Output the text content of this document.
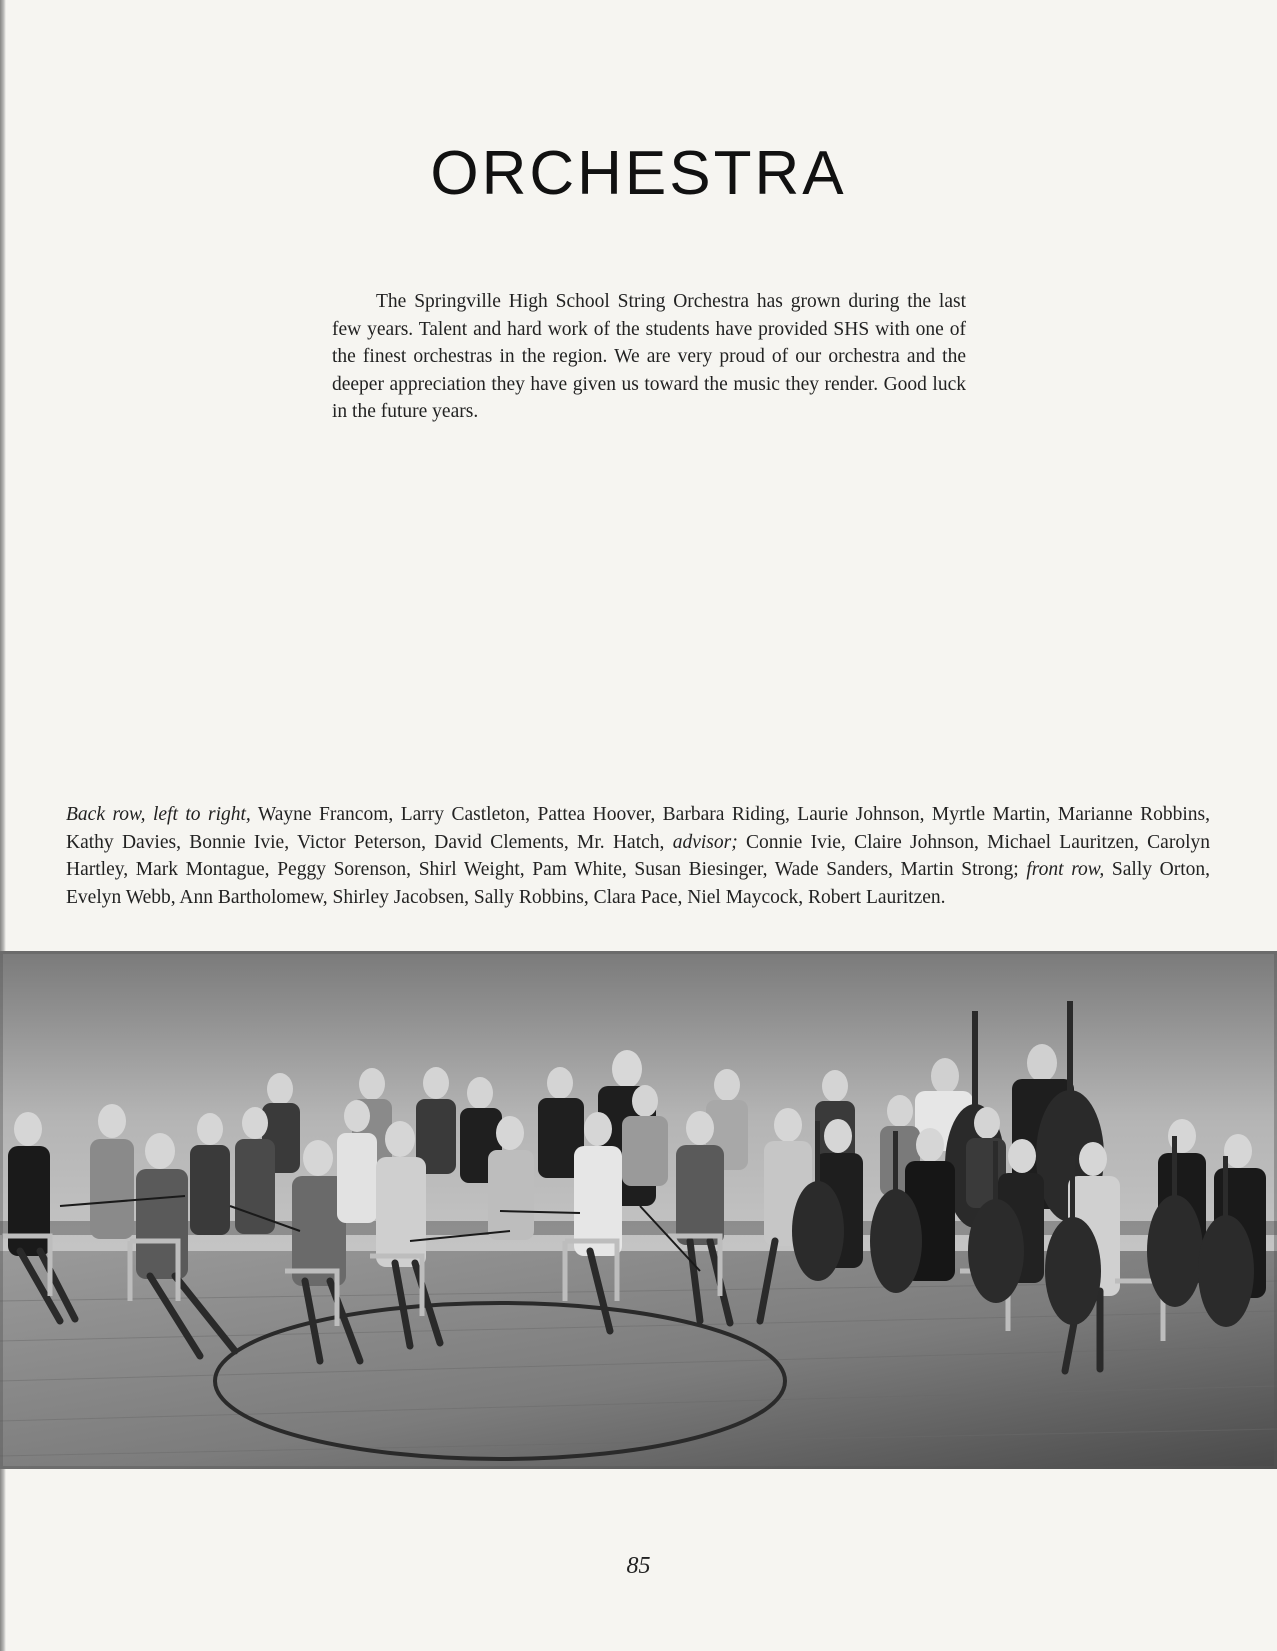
ORCHESTRA

The Springville High School String Orchestra has grown during the last few years. Talent and hard work of the students have provided SHS with one of the finest orchestras in the region. We are very proud of our orchestra and the deeper appreciation they have given us toward the music they render. Good luck in the future years.

Back row, left to right, Wayne Francom, Larry Castleton, Pattea Hoover, Barbara Riding, Laurie Johnson, Myrtle Martin, Marianne Robbins, Kathy Davies, Bonnie Ivie, Victor Peterson, David Clements, Mr. Hatch, advisor; Connie Ivie, Claire Johnson, Michael Lauritzen, Carolyn Hartley, Mark Montague, Peggy Sorenson, Shirl Weight, Pam White, Susan Biesinger, Wade Sanders, Martin Strong; front row, Sally Orton, Evelyn Webb, Ann Bartholomew, Shirley Jacobsen, Sally Robbins, Clara Pace, Niel Maycock, Robert Lauritzen.

85
